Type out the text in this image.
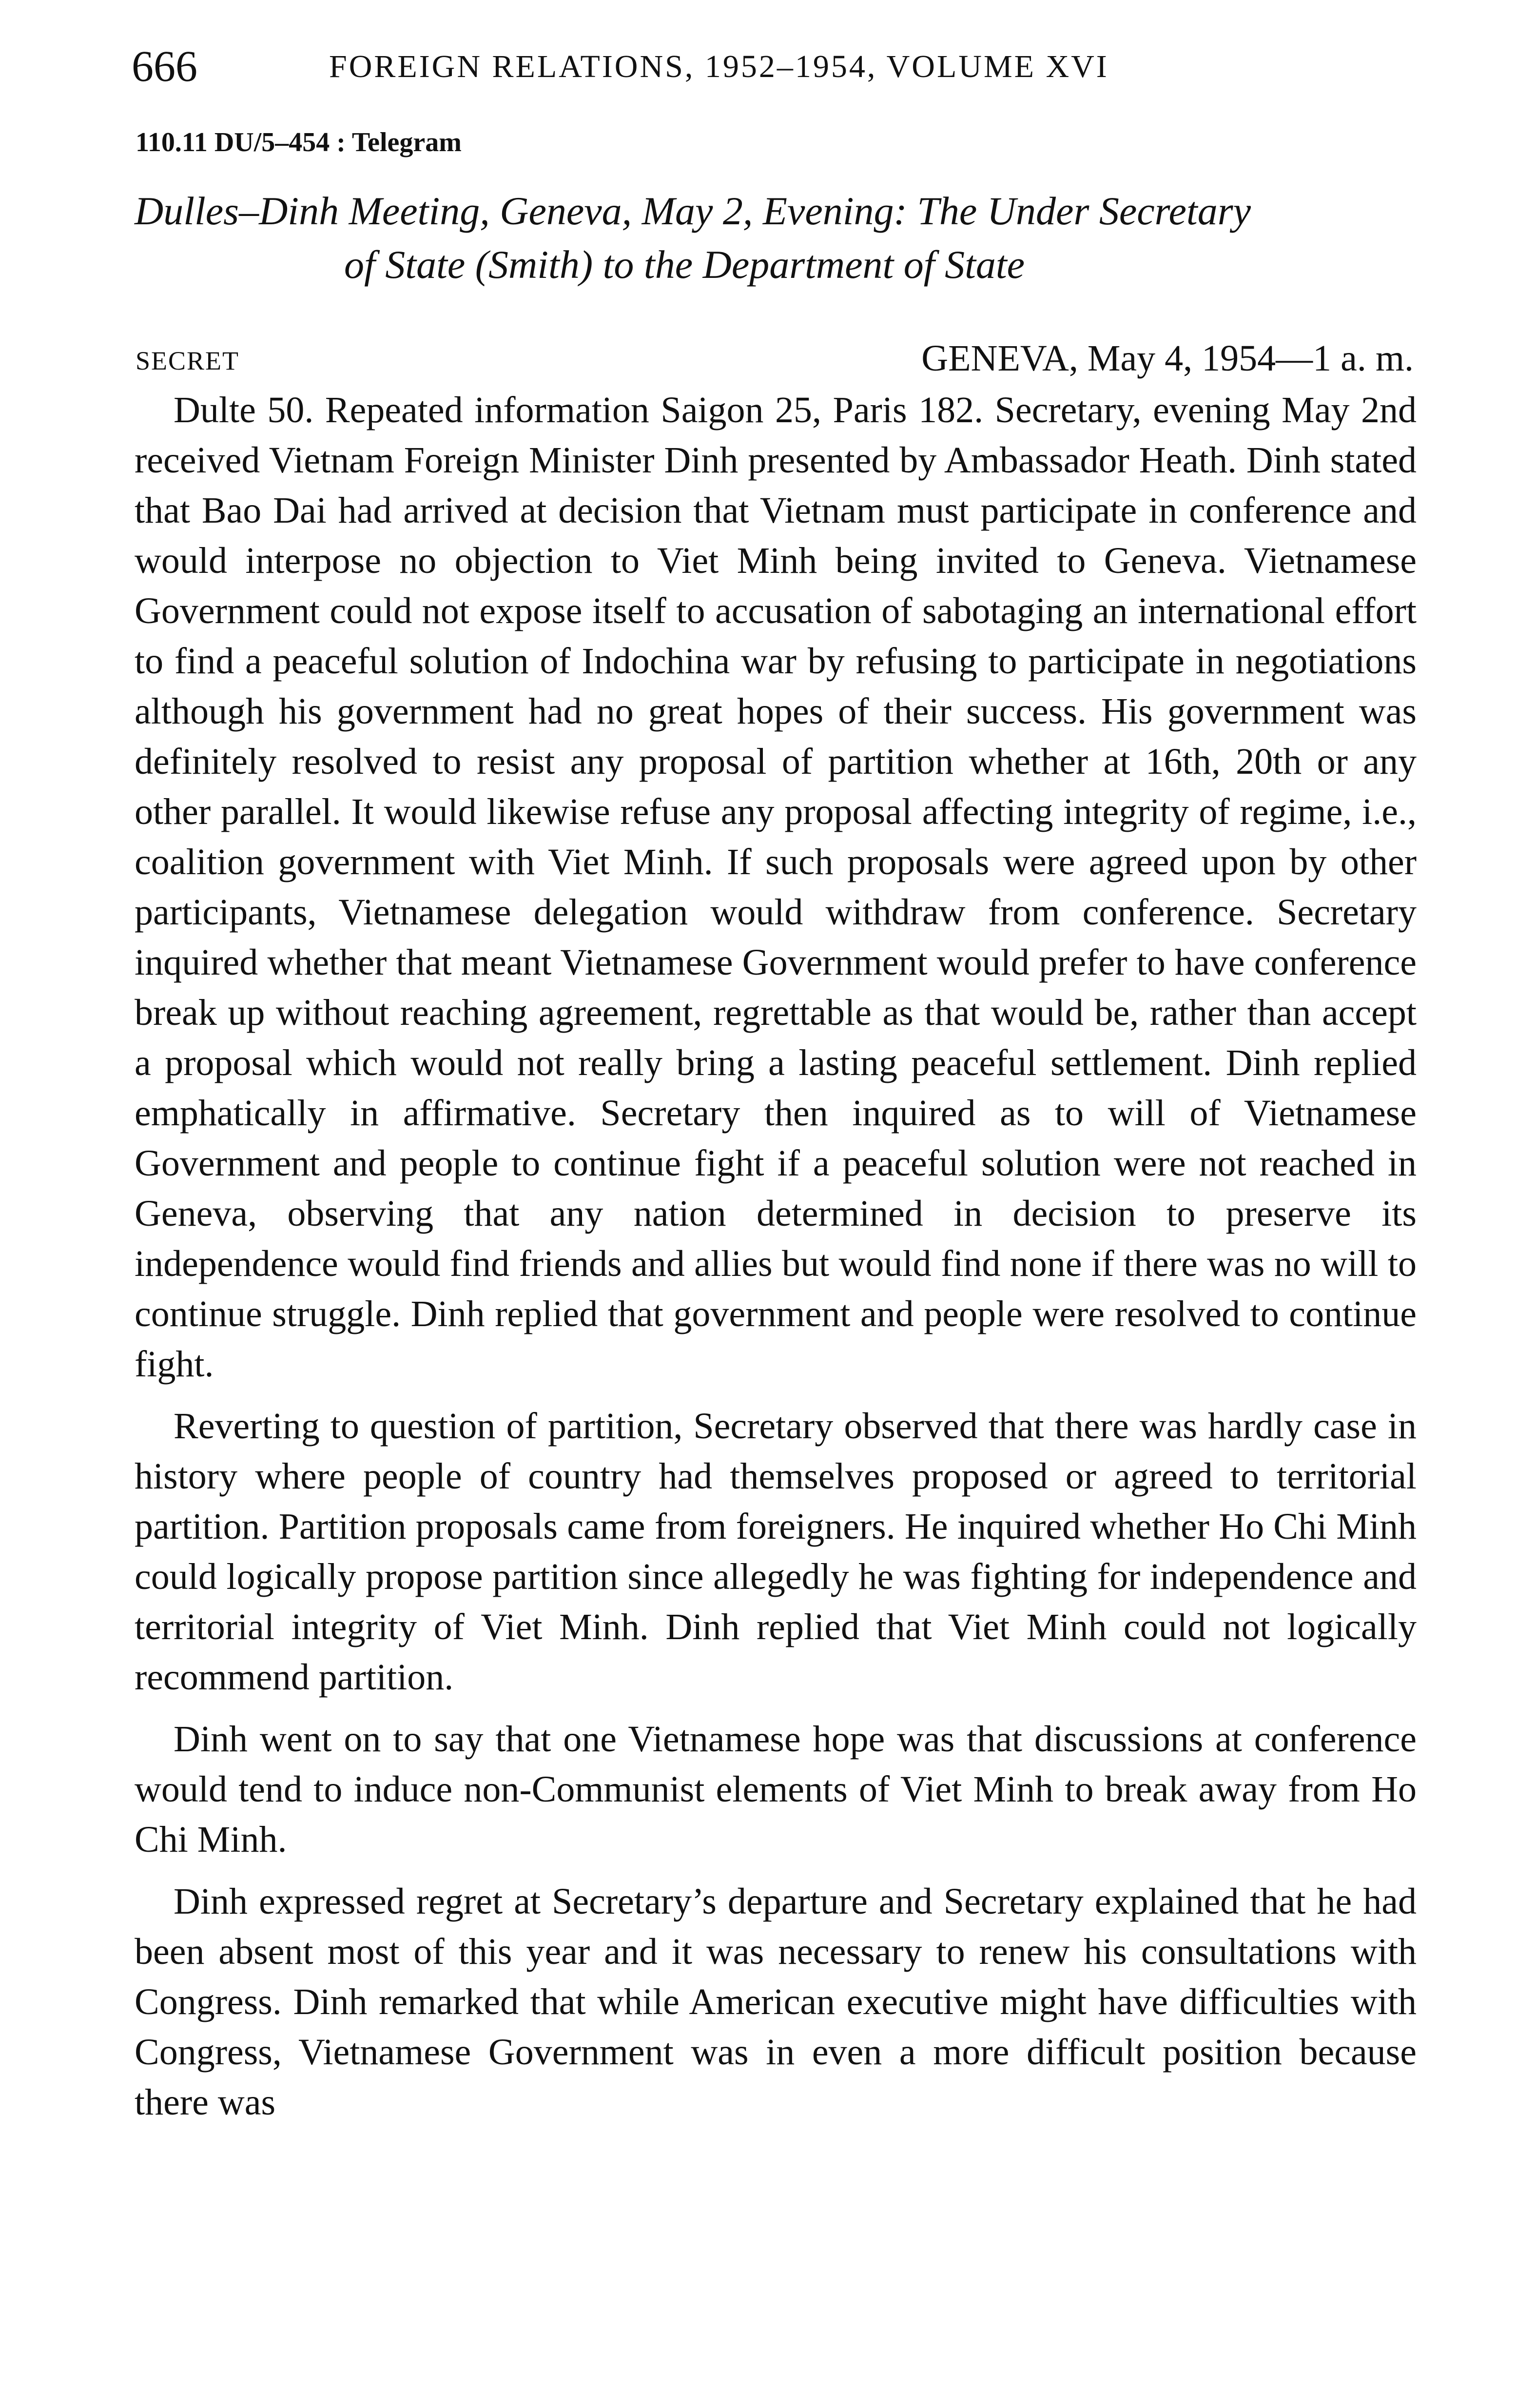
666	FOREIGN RELATIONS, 1952–1954, VOLUME XVI
110.11 DU/5–454 : Telegram
Dulles–Dinh Meeting, Geneva, May 2, Evening: The Under Secretary
of State (Smith) to the Department of State
SECRET	GENEVA, May 4, 1954—1 a. m.

Dulte 50. Repeated information Saigon 25, Paris 182. Secretary, evening May 2nd received Vietnam Foreign Minister Dinh presented by Ambassador Heath. Dinh stated that Bao Dai had arrived at decision that Vietnam must participate in conference and would interpose no objection to Viet Minh being invited to Geneva. Vietnamese Government could not expose itself to accusation of sabotaging an international effort to find a peaceful solution of Indochina war by refusing to participate in negotiations although his government had no great hopes of their success. His government was definitely resolved to resist any proposal of partition whether at 16th, 20th or any other parallel. It would likewise refuse any proposal affecting integrity of regime, i.e., coalition government with Viet Minh. If such proposals were agreed upon by other participants, Vietnamese delegation would withdraw from conference. Secretary inquired whether that meant Vietnamese Government would prefer to have conference break up without reaching agreement, regrettable as that would be, rather than accept a proposal which would not really bring a lasting peaceful settlement. Dinh replied emphatically in affirmative. Secretary then inquired as to will of Vietnamese Government and people to continue fight if a peaceful solution were not reached in Geneva, observing that any nation determined in decision to preserve its independence would find friends and allies but would find none if there was no will to continue struggle. Dinh replied that government and people were resolved to continue fight.

Reverting to question of partition, Secretary observed that there was hardly case in history where people of country had themselves proposed or agreed to territorial partition. Partition proposals came from foreigners. He inquired whether Ho Chi Minh could logically propose partition since allegedly he was fighting for independence and territorial integrity of Viet Minh. Dinh replied that Viet Minh could not logically recommend partition.

Dinh went on to say that one Vietnamese hope was that discussions at conference would tend to induce non-Communist elements of Viet Minh to break away from Ho Chi Minh.

Dinh expressed regret at Secretary’s departure and Secretary explained that he had been absent most of this year and it was necessary to renew his consultations with Congress. Dinh remarked that while American executive might have difficulties with Congress, Vietnamese Government was in even a more difficult position because there was
